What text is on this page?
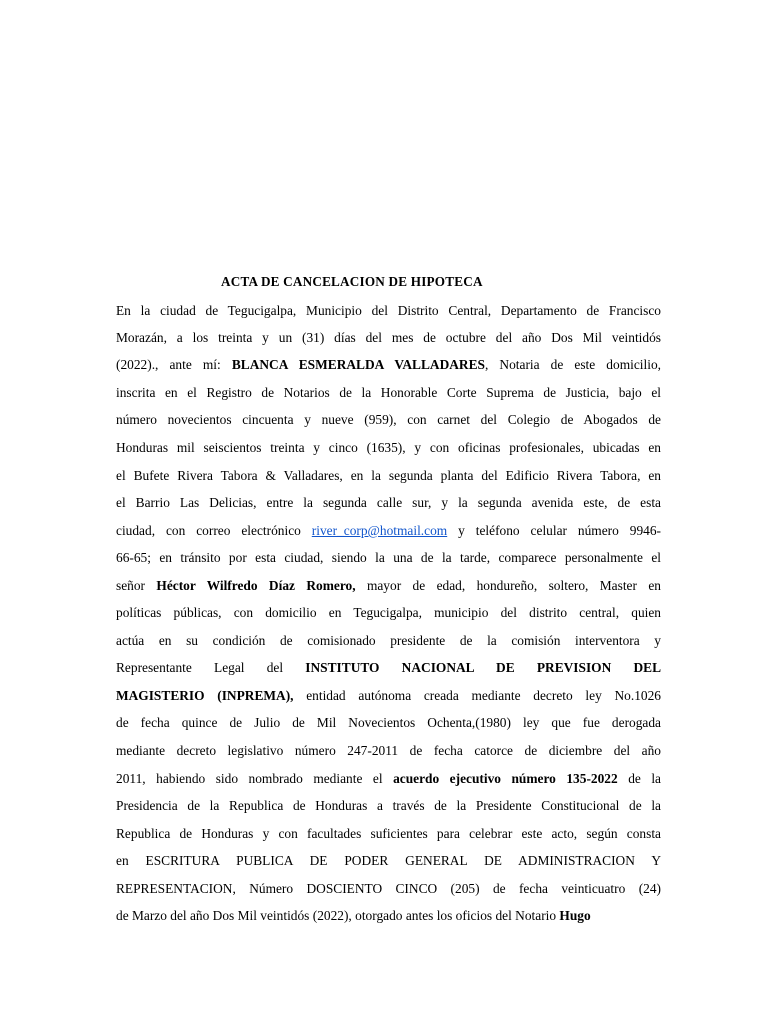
ACTA DE CANCELACION DE HIPOTECA
En la ciudad de Tegucigalpa, Municipio del Distrito Central, Departamento de Francisco
Morazán, a los treinta y un (31) días del mes de octubre del año Dos Mil veintidós
(2022)., ante mí: BLANCA ESMERALDA VALLADARES, Notaria de este domicilio,
inscrita en el Registro de Notarios de la Honorable Corte Suprema de Justicia, bajo el
número novecientos cincuenta y nueve (959), con carnet del Colegio de Abogados de
Honduras mil seiscientos treinta y cinco (1635), y con oficinas profesionales, ubicadas en
el Bufete Rivera Tabora & Valladares, en la segunda planta del Edificio Rivera Tabora, en
el Barrio Las Delicias, entre la segunda calle sur, y la segunda avenida este, de esta
ciudad, con correo electrónico river_corp@hotmail.com y teléfono celular número 9946-
66-65; en tránsito por esta ciudad, siendo la una de la tarde, comparece personalmente el
señor Héctor Wilfredo Díaz Romero, mayor de edad, hondureño, soltero, Master en
políticas públicas, con domicilio en Tegucigalpa, municipio del distrito central, quien
actúa en su condición de comisionado presidente de la comisión interventora y
Representante Legal del INSTITUTO NACIONAL DE PREVISION DEL
MAGISTERIO (INPREMA), entidad autónoma creada mediante decreto ley No.1026
de fecha quince de Julio de Mil Novecientos Ochenta,(1980) ley que fue derogada
mediante decreto legislativo número 247-2011 de fecha catorce de diciembre del año
2011, habiendo sido nombrado mediante el acuerdo ejecutivo número 135-2022 de la
Presidencia de la Republica de Honduras a través de la Presidente Constitucional de la
Republica de Honduras y con facultades suficientes para celebrar este acto, según consta
en ESCRITURA PUBLICA DE PODER GENERAL DE ADMINISTRACION Y
REPRESENTACION, Número DOSCIENTO CINCO (205) de fecha veinticuatro (24)
de Marzo del año Dos Mil veintidós (2022), otorgado antes los oficios del Notario Hugo
